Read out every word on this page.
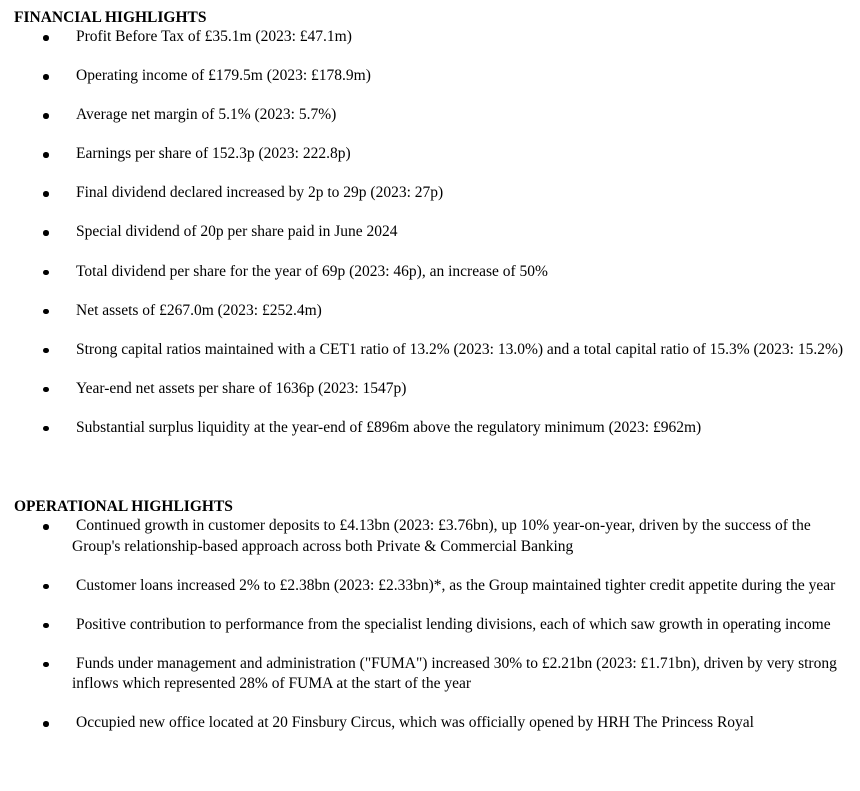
FINANCIAL HIGHLIGHTS
Profit Before Tax of £35.1m (2023: £47.1m)
Operating income of £179.5m (2023: £178.9m)
Average net margin of 5.1% (2023: 5.7%)
Earnings per share of 152.3p (2023: 222.8p)
Final dividend declared increased by 2p to 29p (2023: 27p)
Special dividend of 20p per share paid in June 2024
Total dividend per share for the year of 69p (2023: 46p), an increase of 50%
Net assets of £267.0m (2023: £252.4m)
Strong capital ratios maintained with a CET1 ratio of 13.2% (2023: 13.0%) and a total capital ratio of 15.3% (2023: 15.2%)
Year-end net assets per share of 1636p (2023: 1547p)
Substantial surplus liquidity at the year-end of £896m above the regulatory minimum (2023: £962m)
OPERATIONAL HIGHLIGHTS
Continued growth in customer deposits to £4.13bn (2023: £3.76bn), up 10% year-on-year, driven by the success of the Group's relationship-based approach across both Private & Commercial Banking
Customer loans increased 2% to £2.38bn (2023: £2.33bn)*, as the Group maintained tighter credit appetite during the year
Positive contribution to performance from the specialist lending divisions, each of which saw growth in operating income
Funds under management and administration ("FUMA") increased 30% to £2.21bn (2023: £1.71bn), driven by very strong inflows which represented 28% of FUMA at the start of the year
Occupied new office located at 20 Finsbury Circus, which was officially opened by HRH The Princess Royal
